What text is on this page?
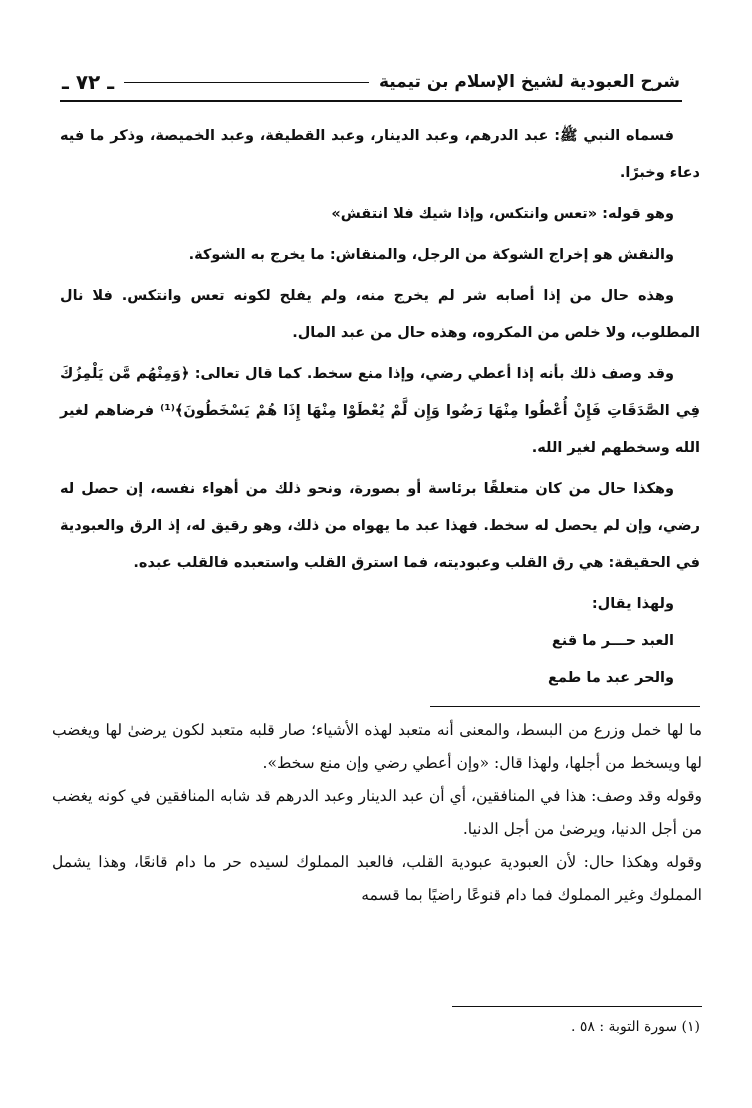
شرح العبودية لشيخ الإسلام بن تيمية
ـ ٧٢ ـ

فسماه النبي ﷺ: عبد الدرهم، وعبد الدينار، وعبد القطيفة، وعبد الخميصة، وذكر ما فيه دعاء وخبرًا.

وهو قوله: «تعس وانتكس، وإذا شيك فلا انتقش»

والنقش هو إخراج الشوكة من الرجل، والمنقاش: ما يخرج به الشوكة.

وهذه حال من إذا أصابه شر لم يخرج منه، ولم يفلح لكونه تعس وانتكس. فلا نال المطلوب، ولا خلص من المكروه، وهذه حال من عبد المال.

وقد وصف ذلك بأنه إذا أعطي رضي، وإذا منع سخط. كما قال تعالى: ﴿وَمِنْهُم مَّن يَلْمِزُكَ فِي الصَّدَقَاتِ فَإِنْ أُعْطُوا مِنْهَا رَضُوا وَإِن لَّمْ يُعْطَوْا مِنْهَا إِذَا هُمْ يَسْخَطُونَ﴾⁽¹⁾ فرضاهم لغير الله وسخطهم لغير الله.

وهكذا حال من كان متعلقًا برئاسة أو بصورة، ونحو ذلك من أهواء نفسه، إن حصل له رضي، وإن لم يحصل له سخط. فهذا عبد ما يهواه من ذلك، وهو رقيق له، إذ الرق والعبودية في الحقيقة: هي رق القلب وعبوديته، فما استرق القلب واستعبده فالقلب عبده.

ولهذا يقال:

العبد حـــر ما قنع
والحر عبد ما طمع

ما لها خمل وزرع من البسط، والمعنى أنه متعبد لهذه الأشياء؛ صار قلبه متعبد لكون يرضىٰ لها ويغضب لها ويسخط من أجلها، ولهذا قال: «وإن أعطي رضي وإن منع سخط».

وقوله وقد وصف: هذا في المنافقين، أي أن عبد الدينار وعبد الدرهم قد شابه المنافقين في كونه يغضب من أجل الدنيا، ويرضىٰ من أجل الدنيا.

وقوله وهكذا حال: لأن العبودية عبودية القلب، فالعبد المملوك لسيده حر ما دام قانعًا، وهذا يشمل المملوك وغير المملوك فما دام قنوعًا راضيًا بما قسمه

(١) سورة التوبة : ٥٨ .
